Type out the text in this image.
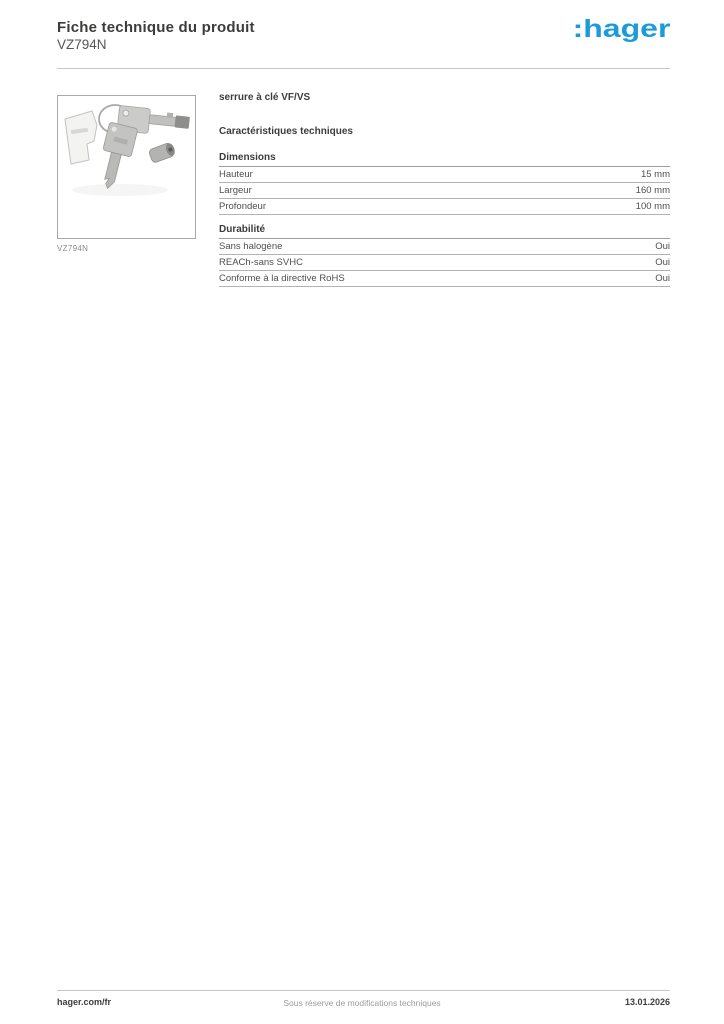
Fiche technique du produit
VZ794N
:hager
VZ794N
serrure à clé VF/VS
Caractéristiques techniques
Dimensions
Hauteur	15 mm
Largeur	160 mm
Profondeur	100 mm
Durabilité
Sans halogène	Oui
REACh-sans SVHC	Oui
Conforme à la directive RoHS	Oui
hager.com/fr	Sous réserve de modifications techniques	13.01.2026
